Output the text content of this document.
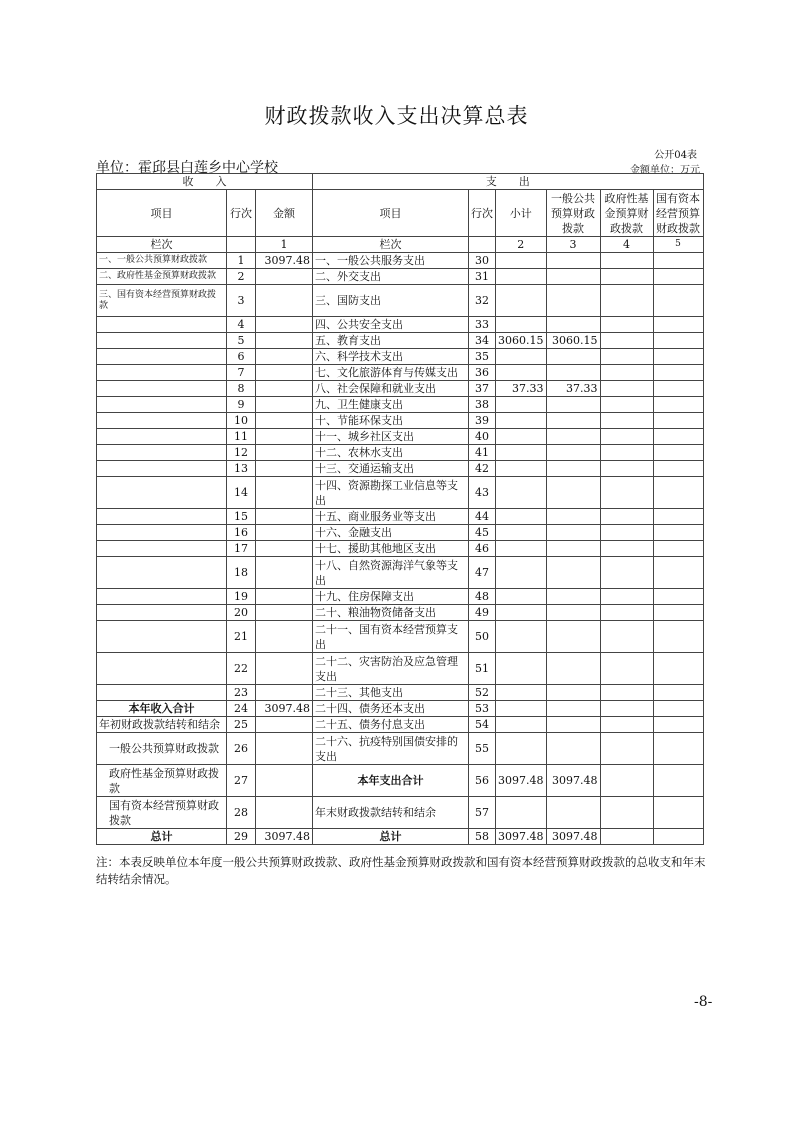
财政拨款收入支出决算总表
公开04表
单位：霍邱县白莲乡中心学校	金额单位：万元
收　　入			支　　出					
项目	行次	金额	项目	行次	小计	一般公共预算财政拨款	政府性基金预算财政拨款	国有资本经营预算财政拨款
栏次		1	栏次		2	3	4	5
一、一般公共预算财政拨款	1	3097.48	一、一般公共服务支出	30				
二、政府性基金预算财政拨款	2		二、外交支出	31				
三、国有资本经营预算财政拨款	3		三、国防支出	32				
	4		四、公共安全支出	33				
	5		五、教育支出	34	3060.15	3060.15		
	6		六、科学技术支出	35				
	7		七、文化旅游体育与传媒支出	36				
	8		八、社会保障和就业支出	37	37.33	37.33		
	9		九、卫生健康支出	38				
	10		十、节能环保支出	39				
	11		十一、城乡社区支出	40				
	12		十二、农林水支出	41				
	13		十三、交通运输支出	42				
	14		十四、资源勘探工业信息等支出	43				
	15		十五、商业服务业等支出	44				
	16		十六、金融支出	45				
	17		十七、援助其他地区支出	46				
	18		十八、自然资源海洋气象等支出	47				
	19		十九、住房保障支出	48				
	20		二十、粮油物资储备支出	49				
	21		二十一、国有资本经营预算支出	50				
	22		二十二、灾害防治及应急管理支出	51				
	23		二十三、其他支出	52				
本年收入合计	24	3097.48	二十四、债务还本支出	53				
年初财政拨款结转和结余	25		二十五、债务付息支出	54				
一般公共预算财政拨款	26		二十六、抗疫特别国债安排的支出	55				
政府性基金预算财政拨款	27		本年支出合计	56	3097.48	3097.48		
国有资本经营预算财政拨款	28		年末财政拨款结转和结余	57				
总计	29	3097.48	总计	58	3097.48	3097.48		
注：本表反映单位本年度一般公共预算财政拨款、政府性基金预算财政拨款和国有资本经营预算财政拨款的总收支和年末结转结余情况。
-8-
